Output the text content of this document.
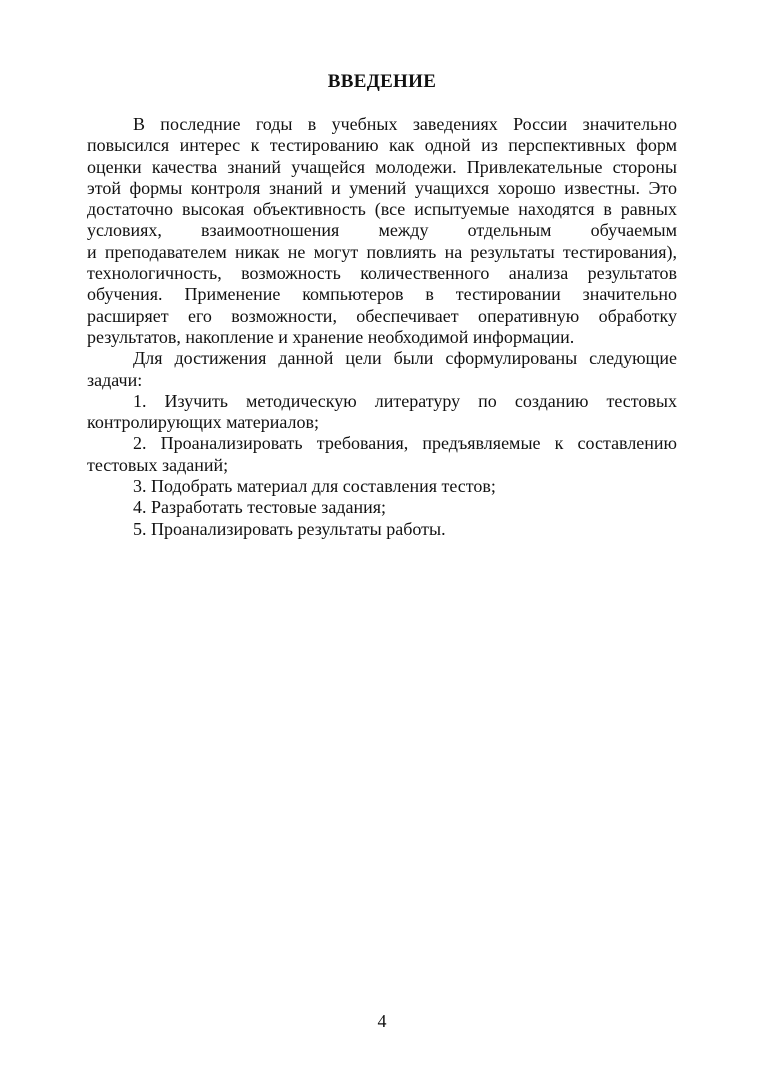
ВВЕДЕНИЕ
В последние годы в учебных заведениях России значительно
повысился интерес к тестированию как одной из перспективных форм
оценки качества знаний учащейся молодежи. Привлекательные стороны
этой формы контроля знаний и умений учащихся хорошо известны. Это
достаточно высокая объективность (все испытуемые находятся в равных
условиях, взаимоотношения между отдельным обучаемым
и преподавателем никак не могут повлиять на результаты тестирования),
технологичность, возможность количественного анализа результатов
обучения. Применение компьютеров в тестировании значительно
расширяет его возможности, обеспечивает оперативную обработку
результатов, накопление и хранение необходимой информации.
Для достижения данной цели были сформулированы следующие
задачи:
1. Изучить методическую литературу по созданию тестовых
контролирующих материалов;
2. Проанализировать требования, предъявляемые к составлению
тестовых заданий;
3. Подобрать материал для составления тестов;
4. Разработать тестовые задания;
5. Проанализировать результаты работы.
4
